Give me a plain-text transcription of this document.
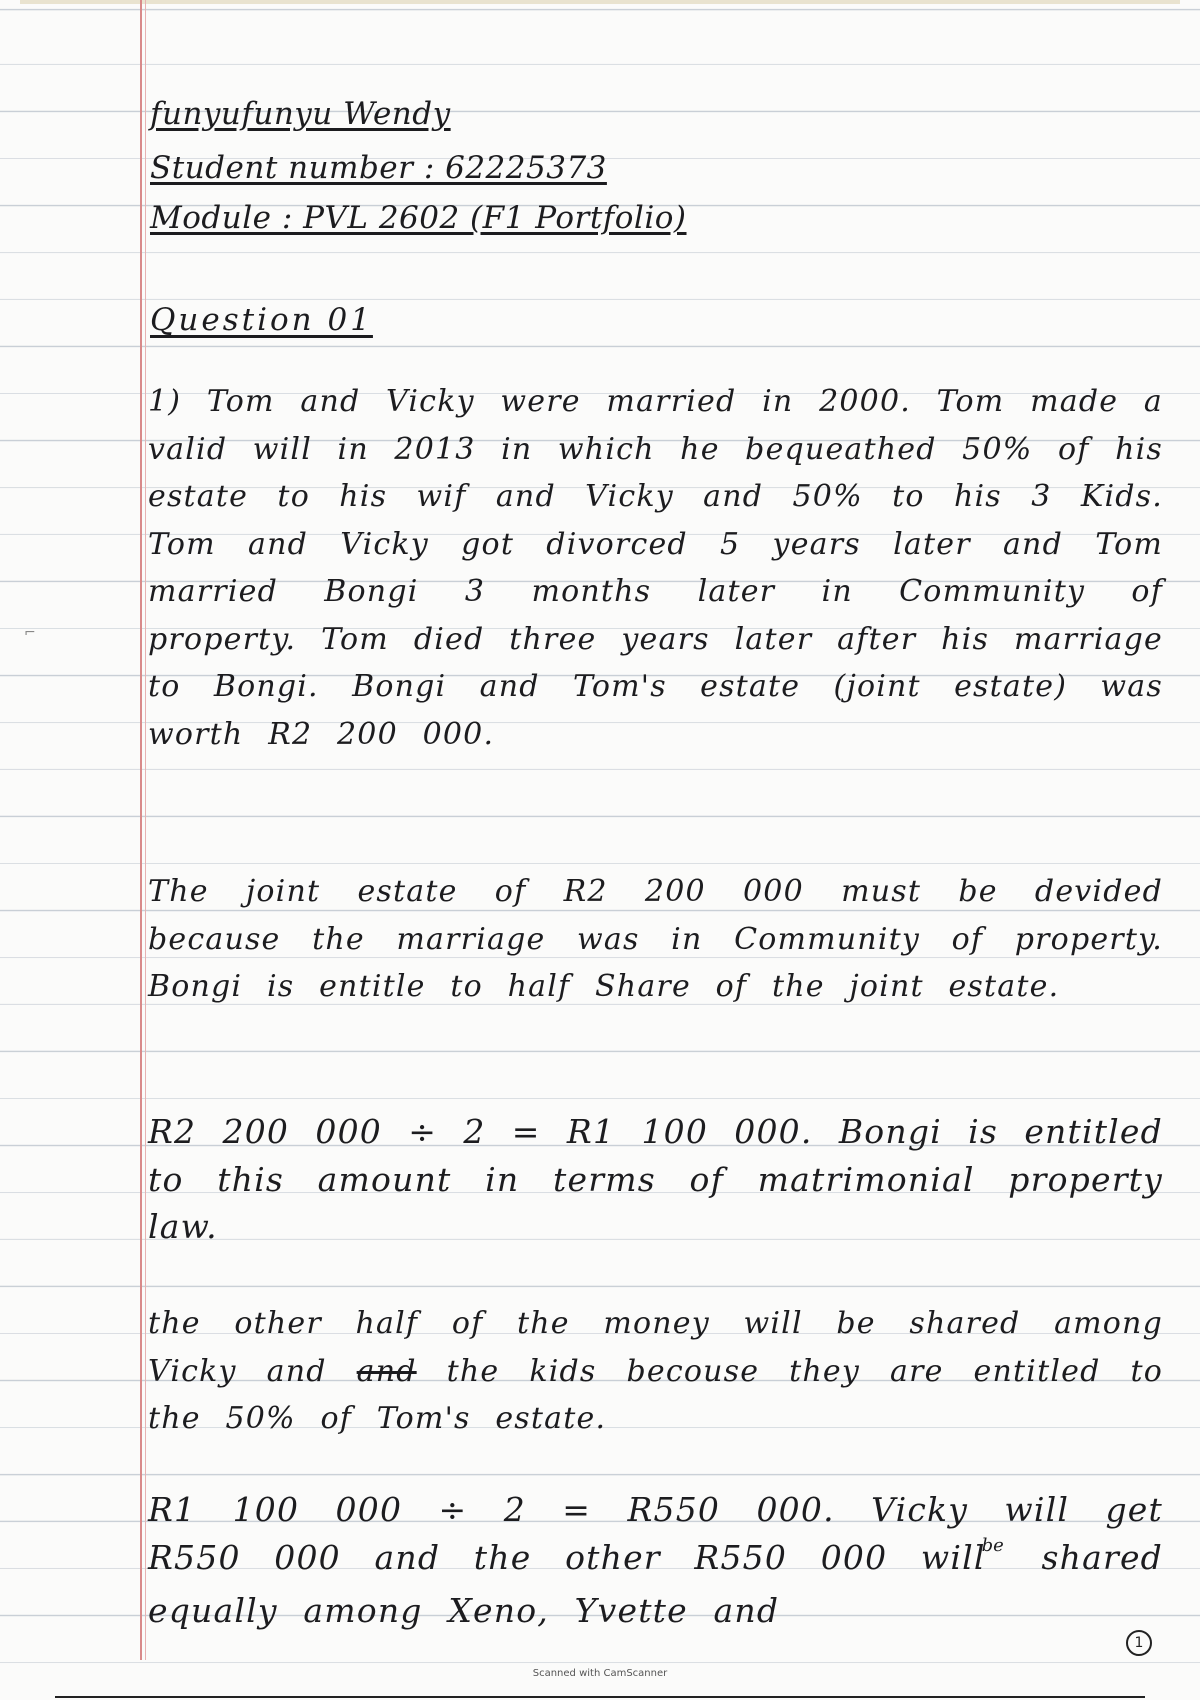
⌐
funyufunyu Wendy
Student number : 62225373
Module : PVL 2602 (F1 Portfolio)
Question 01
1) Tom and Vicky were married in 2000. Tom made a valid will in 2013 in which he bequeathed 50% of his estate to his wif and Vicky and 50% to his 3 Kids. Tom and Vicky got divorced 5 years later and Tom married Bongi 3 months later in Community of property. Tom died three years later after his marriage to Bongi. Bongi and Tom's estate (joint estate) was worth R2 200 000.
The joint estate of R2 200 000 must be devided because the marriage was in Community of property. Bongi is entitle to half Share of the joint estate.
R2 200 000 ÷ 2 = R1 100 000. Bongi is entitled to this amount in terms of matrimonial property law.
the other half of the money will be shared among Vicky and and the kids becouse they are entitled to the 50% of Tom's estate.
R1 100 000 ÷ 2 = R550 000. Vicky will get R550 000 and the other R550 000 will$^{be}$ shared equally among Xeno, Yvette and
1
Scanned with CamScanner
